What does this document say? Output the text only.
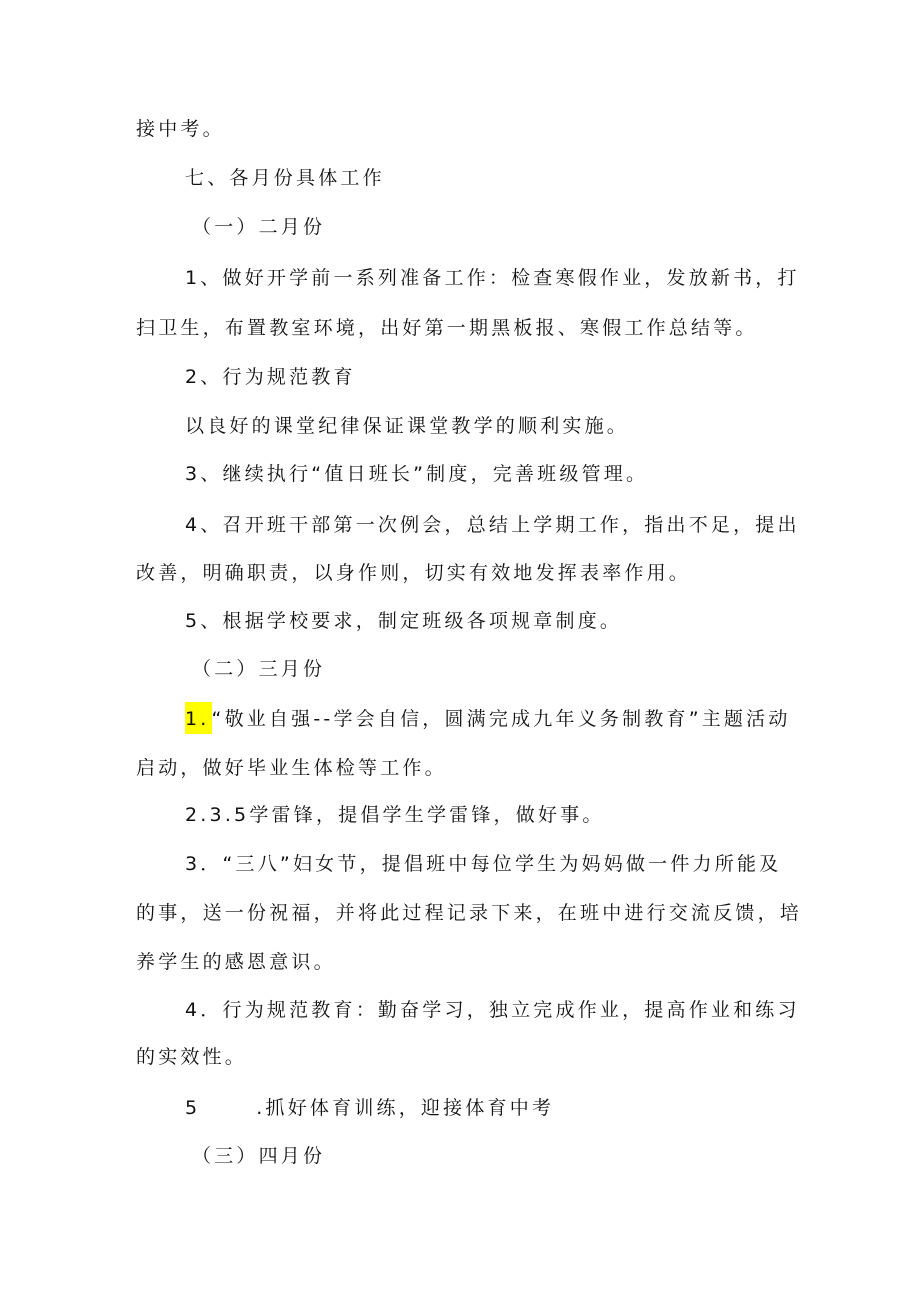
接中考。
七、各月份具体工作
（一）二月份
1、做好开学前一系列准备工作：检查寒假作业，发放新书，打
扫卫生，布置教室环境，出好第一期黑板报、寒假工作总结等。
2、行为规范教育
以良好的课堂纪律保证课堂教学的顺利实施。
3、继续执行“值日班长”制度，完善班级管理。
4、召开班干部第一次例会，总结上学期工作，指出不足，提出
改善，明确职责，以身作则，切实有效地发挥表率作用。
5、根据学校要求，制定班级各项规章制度。
（二）三月份
1. “敬业自强--学会自信，圆满完成九年义务制教育”主题活动
启动，做好毕业生体检等工作。
2.3.5学雷锋，提倡学生学雷锋，做好事。
3．“三八”妇女节，提倡班中每位学生为妈妈做一件力所能及
的事，送一份祝福，并将此过程记录下来，在班中进行交流反馈，培
养学生的感恩意识。
4．行为规范教育：勤奋学习，独立完成作业，提高作业和练习
的实效性。
5	.抓好体育训练，迎接体育中考
（三）四月份
